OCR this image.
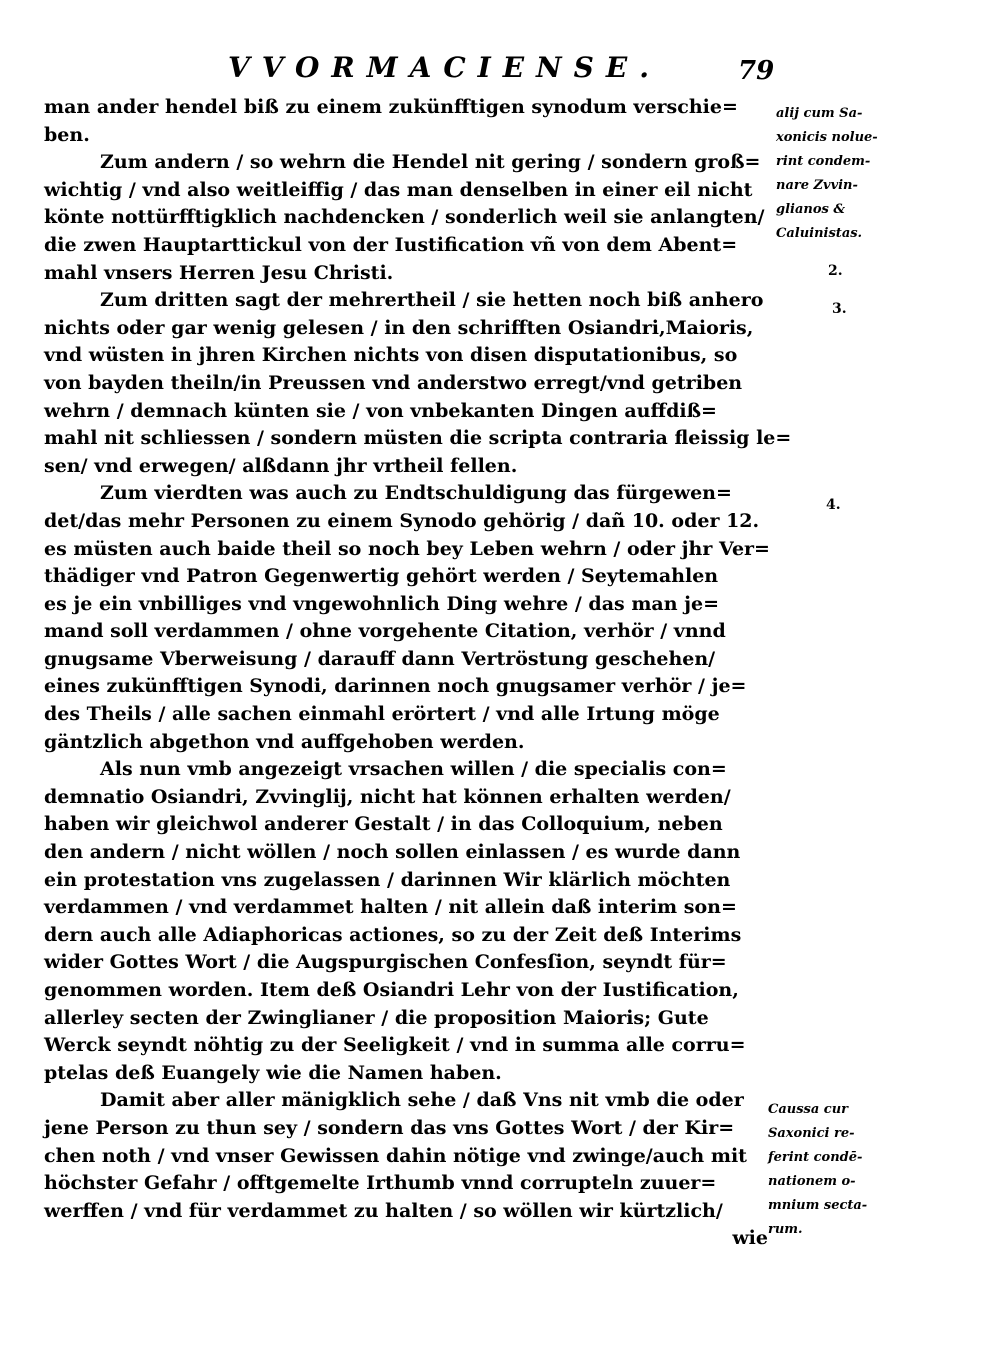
VVORMACIENSE.	79
man ander hendel biß zu einem zukünfftigen synodum verschie=
ben.
Zum andern / so wehrn die Hendel nit gering / sondern groß=
wichtig / vnd also weitleiffig / das man denselben in einer eil nicht
könte nottürfftigklich nachdencken / sonderlich weil sie anlangten/
die zwen Hauptarttickul von der Iustification vñ von dem Abent=
mahl vnsers Herren Jesu Christi.
Zum dritten sagt der mehrertheil / sie hetten noch biß anhero
nichts oder gar wenig gelesen / in den schrifften Osiandri,Maioris,
vnd wüsten in jhren Kirchen nichts von disen disputationibus, so
von bayden theiln/in Preussen vnd anderstwo erregt/vnd getriben
wehrn / demnach künten sie / von vnbekanten Dingen auffdiß=
mahl nit schliessen / sondern müsten die scripta contraria fleissig le=
sen/ vnd erwegen/ alßdann jhr vrtheil fellen.
Zum vierdten was auch zu Endtschuldigung das fürgewen=
det/das mehr Personen zu einem Synodo gehörig / dañ 10. oder 12.
es müsten auch baide theil so noch bey Leben wehrn / oder jhr Ver=
thädiger vnd Patron Gegenwertig gehört werden / Seytemahlen
es je ein vnbilliges vnd vngewohnlich Ding wehre / das man je=
mand soll verdammen / ohne vorgehente Citation, verhör / vnnd
gnugsame Vberweisung / darauff dann Vertröstung geschehen/
eines zukünfftigen Synodi, darinnen noch gnugsamer verhör / je=
des Theils / alle sachen einmahl erörtert / vnd alle Irtung möge
gäntzlich abgethon vnd auffgehoben werden.
Als nun vmb angezeigt vrsachen willen / die specialis con=
demnatio Osiandri, Zvvinglij, nicht hat können erhalten werden/
haben wir gleichwol anderer Gestalt / in das Colloquium, neben
den andern / nicht wöllen / noch sollen einlassen / es wurde dann
ein protestation vns zugelassen / darinnen Wir klärlich möchten
verdammen / vnd verdammet halten / nit allein daß interim son=
dern auch alle Adiaphoricas actiones, so zu der Zeit deß Interims
wider Gottes Wort / die Augspurgischen Confesſion, seyndt für=
genommen worden. Item deß Osiandri Lehr von der Iustification,
allerley secten der Zwinglianer / die proposition Maioris; Gute
Werck seyndt nöhtig zu der Seeligkeit / vnd in summa alle corru=
ptelas deß Euangely wie die Namen haben.
Damit aber aller mänigklich sehe / daß Vns nit vmb die oder
jene Person zu thun sey / sondern das vns Gottes Wort / der Kir=
chen noth / vnd vnser Gewissen dahin nötige vnd zwinge/auch mit
höchster Gefahr / offtgemelte Irthumb vnnd corrupteln zuuer=
werffen / vnd für verdammet zu halten / so wöllen wir kürtzlich/
wie
alij cum Sa-
xonicis nolue-
rint condem-
nare Zvvin-
glianos &
Caluinistas.
2.
3.
4.
Caussa cur
Saxonici re-
ferint condē-
nationem o-
mnium secta-
rum.
